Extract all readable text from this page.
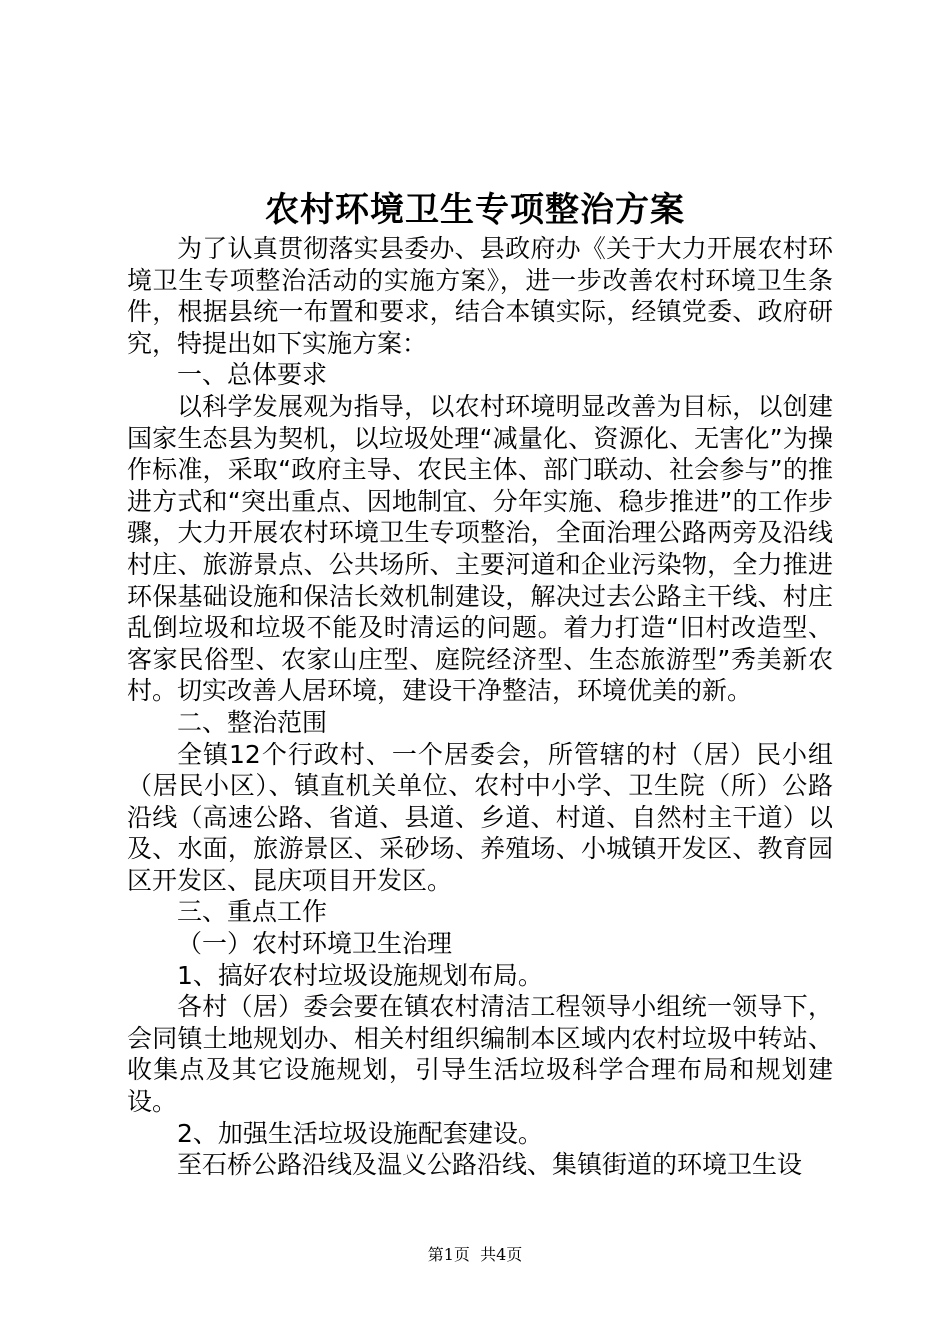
农村环境卫生专项整治方案

为了认真贯彻落实县委办、县政府办《关于大力开展农村环境卫生专项整治活动的实施方案》，进一步改善农村环境卫生条件，根据县统一布置和要求，结合本镇实际，经镇党委、政府研究，特提出如下实施方案：

一、总体要求

以科学发展观为指导，以农村环境明显改善为目标，以创建国家生态县为契机，以垃圾处理“减量化、资源化、无害化”为操作标准，采取“政府主导、农民主体、部门联动、社会参与”的推进方式和“突出重点、因地制宜、分年实施、稳步推进”的工作步骤，大力开展农村环境卫生专项整治，全面治理公路两旁及沿线村庄、旅游景点、公共场所、主要河道和企业污染物，全力推进环保基础设施和保洁长效机制建设，解决过去公路主干线、村庄乱倒垃圾和垃圾不能及时清运的问题。着力打造“旧村改造型、客家民俗型、农家山庄型、庭院经济型、生态旅游型”秀美新农村。切实改善人居环境，建设干净整洁，环境优美的新。

二、整治范围

全镇12个行政村、一个居委会，所管辖的村（居）民小组（居民小区）、镇直机关单位、农村中小学、卫生院（所）公路沿线（高速公路、省道、县道、乡道、村道、自然村主干道）以及、水面，旅游景区、采砂场、养殖场、小城镇开发区、教育园区开发区、昆庆项目开发区。

三、重点工作

（一）农村环境卫生治理

1、搞好农村垃圾设施规划布局。

各村（居）委会要在镇农村清洁工程领导小组统一领导下，会同镇土地规划办、相关村组织编制本区域内农村垃圾中转站、收集点及其它设施规划，引导生活垃圾科学合理布局和规划建设。

2、加强生活垃圾设施配套建设。

至石桥公路沿线及温义公路沿线、集镇街道的环境卫生设

第1页 共4页
